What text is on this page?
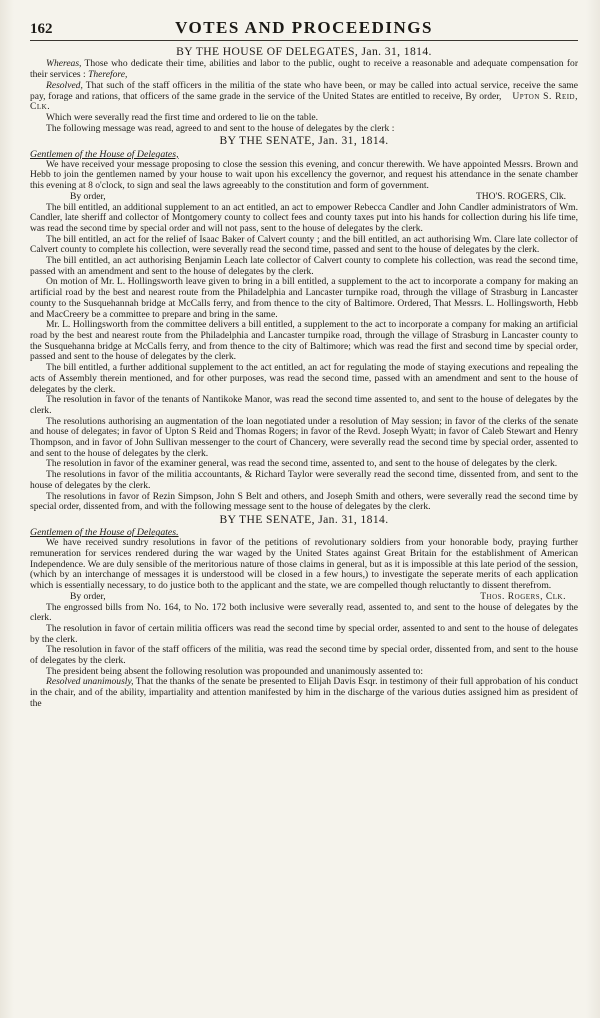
162	VOTES AND PROCEEDINGS
BY THE HOUSE OF DELEGATES, Jan. 31, 1814.

Whereas, Those who dedicate their time, abilities and labor to the public, ought to receive a reasonable and adequate compensation for their services : Therefore,

Resolved, That such of the staff officers in the militia of the state who have been, or may be called into actual service, receive the same pay, forage and rations, that officers of the same grade in the service of the United States are entitled to receive, By order, Upton S. Reid, Clk.

Which were severally read the first time and ordered to lie on the table.

The following message was read, agreed to and sent to the house of delegates by the clerk :

BY THE SENATE, Jan. 31, 1814.
Gentlemen of the House of Delegates,

We have received your message proposing to close the session this evening, and concur therewith. We have appointed Messrs. Brown and Hebb to join the gentlemen named by your house to wait upon his excellency the governor, and request his attendance in the senate chamber this evening at 8 o'clock, to sign and seal the laws agreeably to the constitution and form of government.

By order,	THO'S. ROGERS, Clk.

The bill entitled, an additional supplement to an act entitled, an act to empower Rebecca Candler and John Candler administrators of Wm. Candler, late sheriff and collector of Montgomery county to collect fees and county taxes put into his hands for collection during his life time, was read the second time by special order and will not pass, sent to the house of delegates by the clerk.

The bill entitled, an act for the relief of Isaac Baker of Calvert county ; and the bill entitled, an act authorising Wm. Clare late collector of Calvert county to complete his collection, were severally read the second time, passed and sent to the house of delegates by the clerk.

The bill entitled, an act authorising Benjamin Leach late collector of Calvert county to complete his collection, was read the second time, passed with an amendment and sent to the house of delegates by the clerk.

On motion of Mr. L. Hollingsworth leave given to bring in a bill entitled, a supplement to the act to incorporate a company for making an artificial road by the best and nearest route from the Philadelphia and Lancaster turnpike road, through the village of Strasburg in Lancaster county to the Susquehannah bridge at McCalls ferry, and from thence to the city of Baltimore. Ordered, That Messrs. L. Hollingsworth, Hebb and MacCreery be a committee to prepare and bring in the same.

Mr. L. Hollingsworth from the committee delivers a bill entitled, a supplement to the act to incorporate a company for making an artificial road by the best and nearest route from the Philadelphia and Lancaster turnpike road, through the village of Strasburg in Lancaster county to the Susquehanna bridge at McCalls ferry, and from thence to the city of Baltimore; which was read the first and second time by special order, passed and sent to the house of delegates by the clerk.

The bill entitled, a further additional supplement to the act entitled, an act for regulating the mode of staying executions and repealing the acts of Assembly therein mentioned, and for other purposes, was read the second time, passed with an amendment and sent to the house of delegates by the clerk.

The resolution in favor of the tenants of Nantikoke Manor, was read the second time assented to, and sent to the house of delegates by the clerk.

The resolutions authorising an augmentation of the loan negotiated under a resolution of May session; in favor of the clerks of the senate and house of delegates; in favor of Upton S Reid and Thomas Rogers; in favor of the Revd. Joseph Wyatt; in favor of Caleb Stewart and Henry Thompson, and in favor of John Sullivan messenger to the court of Chancery, were severally read the second time by special order, assented to and sent to the house of delegates by the clerk.

The resolution in favor of the examiner general, was read the second time, assented to, and sent to the house of delegates by the clerk.

The resolutions in favor of the militia accountants, & Richard Taylor were severally read the second time, dissented from, and sent to the house of delegates by the clerk.

The resolutions in favor of Rezin Simpson, John S Belt and others, and Joseph Smith and others, were severally read the second time by special order, dissented from, and with the following message sent to the house of delegates by the clerk.

BY THE SENATE, Jan. 31, 1814.
Gentlemen of the House of Delegates.

We have received sundry resolutions in favor of the petitions of revolutionary soldiers from your honorable body, praying further remuneration for services rendered during the war waged by the United States against Great Britain for the establishment of American Independence. We are duly sensible of the meritorious nature of those claims in general, but as it is impossible at this late period of the session, (which by an interchange of messages it is understood will be closed in a few hours,) to investigate the seperate merits of each application which is essentially necessary, to do justice both to the applicant and the state, we are compelled though reluctantly to dissent therefrom.

By order,	Thos. Rogers, Clk.

The engrossed bills from No. 164, to No. 172 both inclusive were severally read, assented to, and sent to the house of delegates by the clerk.

The resolution in favor of certain militia officers was read the second time by special order, assented to and sent to the house of delegates by the clerk.

The resolution in favor of the staff officers of the militia, was read the second time by special order, dissented from, and sent to the house of delegates by the clerk.

The president being absent the following resolution was propounded and unanimously assented to:

Resolved unanimously, That the thanks of the senate be presented to Elijah Davis Esqr. in testimony of their full approbation of his conduct in the chair, and of the ability, impartiality and attention manifested by him in the discharge of the various duties assigned him as president of the
